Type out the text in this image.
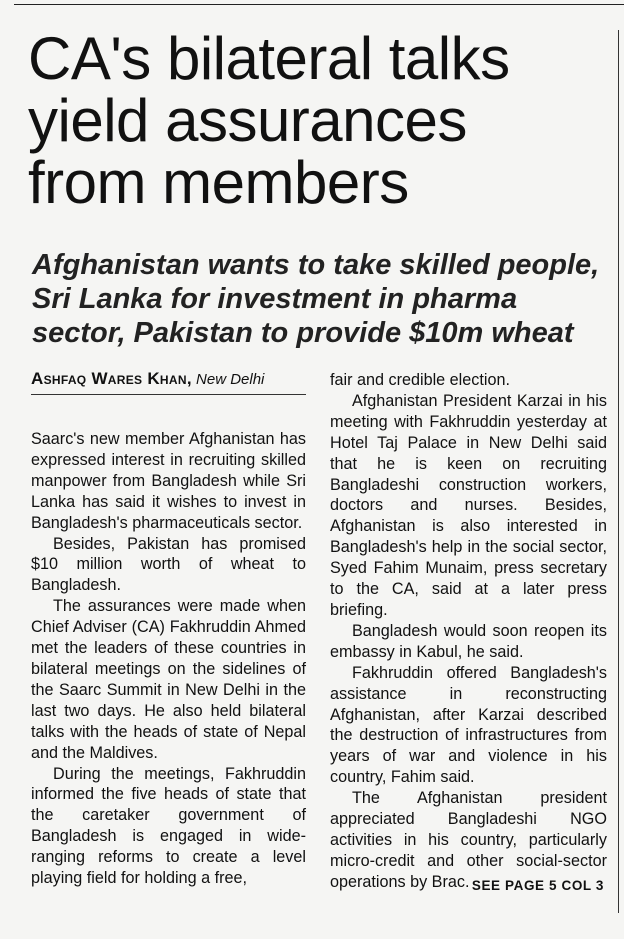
CA's bilateral talks
yield assurances
from members
Afghanistan wants to take skilled people,
Sri Lanka for investment in pharma
sector, Pakistan to provide $10m wheat
Ashfaq Wares Khan, New Delhi

Saarc's new member Afghanistan has expressed interest in recruiting skilled manpower from Bangladesh while Sri Lanka has said it wishes to invest in Bangladesh's pharmaceuticals sector.

Besides, Pakistan has promised $10 million worth of wheat to Bangladesh.

The assurances were made when Chief Adviser (CA) Fakhruddin Ahmed met the leaders of these countries in bilateral meetings on the sidelines of the Saarc Summit in New Delhi in the last two days. He also held bilateral talks with the heads of state of Nepal and the Maldives.

During the meetings, Fakhruddin informed the five heads of state that the caretaker government of Bangladesh is engaged in wide-ranging reforms to create a level playing field for holding a free,

fair and credible election.

Afghanistan President Karzai in his meeting with Fakhruddin yesterday at Hotel Taj Palace in New Delhi said that he is keen on recruiting Bangladeshi construction workers, doctors and nurses. Besides, Afghanistan is also interested in Bangladesh's help in the social sector, Syed Fahim Munaim, press secretary to the CA, said at a later press briefing.

Bangladesh would soon reopen its embassy in Kabul, he said.

Fakhruddin offered Bangladesh's assistance in reconstructing Afghanistan, after Karzai described the destruction of infrastructures from years of war and violence in his country, Fahim said.

The Afghanistan president appreciated Bangladeshi NGO activities in his country, particularly micro-credit and other social-sector operations by Brac. SEE PAGE 5 COL 3
